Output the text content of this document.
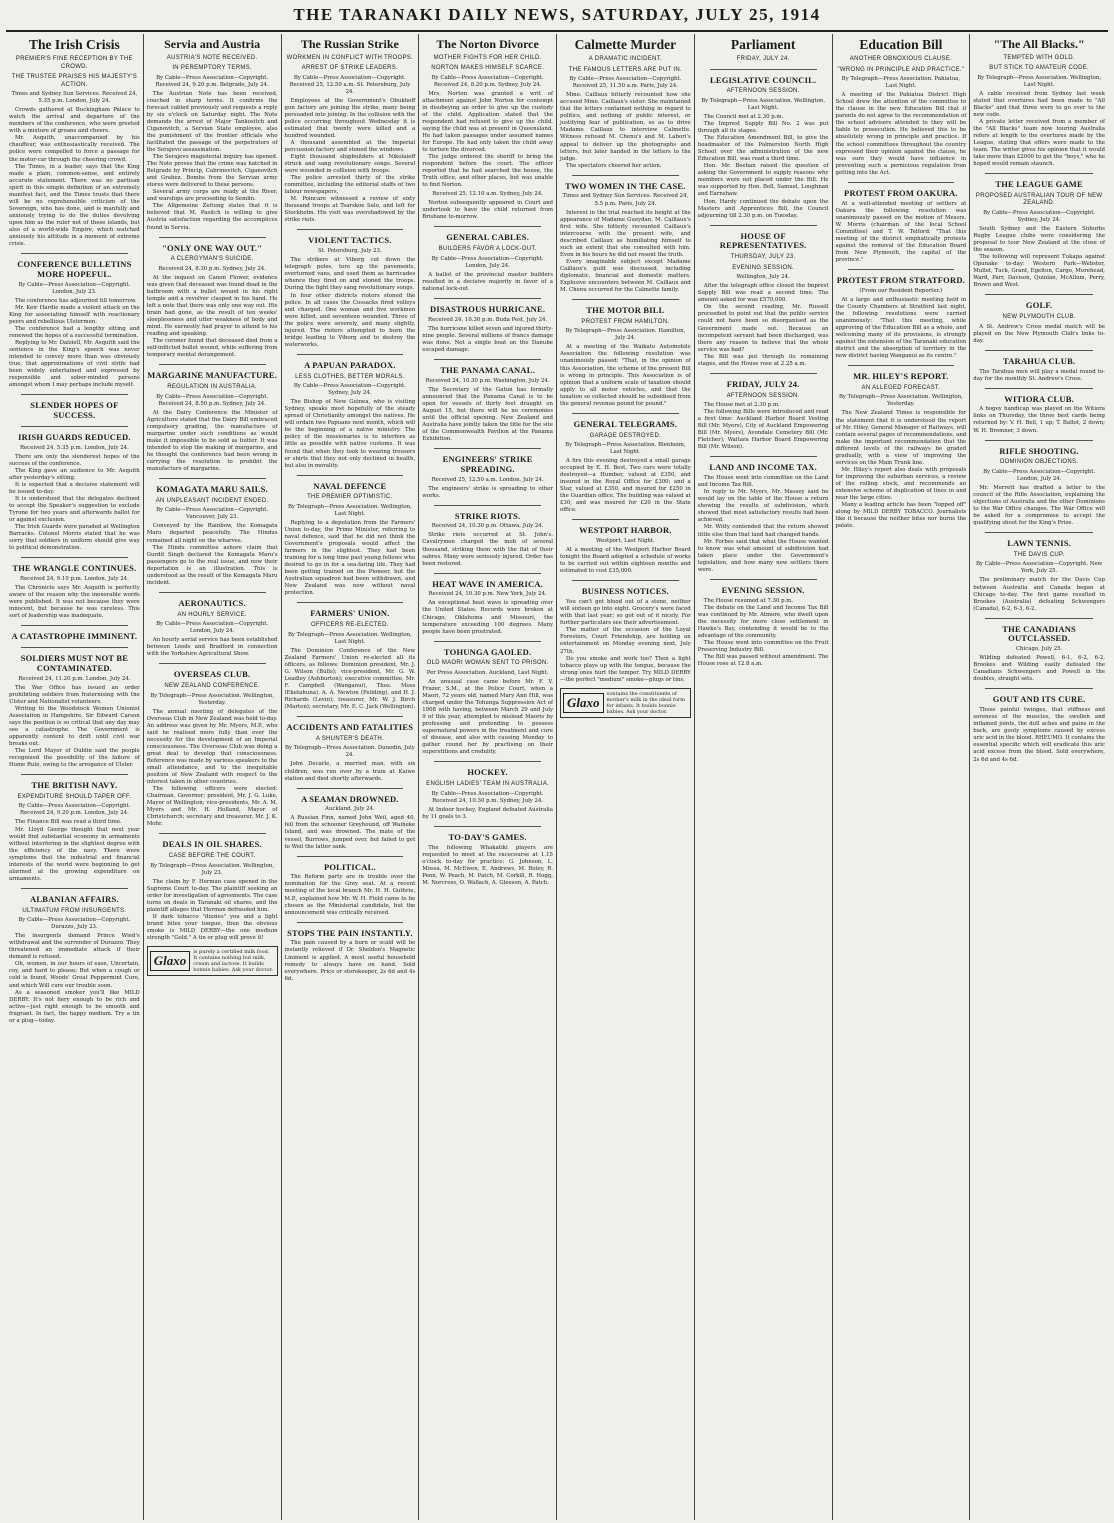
THE TARANAKI DAILY NEWS, SATURDAY, JULY 25, 1914
The Irish Crisis
PREMIER'S FINE RECEPTION BY THE CROWD.
THE TRUSTEE PRAISES HIS MAJESTY'S ACTION.
Times and Sydney Sun Services. Received 24, 5.35 p.m. London, July 24.

Crowds gathered at Buckingham Palace to watch the arrival and departure of the members of the conference, who were greeted with a mixture of groans and cheers.

Mr. Asquith, unaccompanied by his chauffeur, was enthusiastically received. The police were compelled to force a passage for the motor-car through the cheering crowd.

The Times, in a leader, says that the King made a plain, common-sense, and entirely accurate statement. There was no partisan spirit in this simple definition of an extremely manifest fact, and the Times trusts that there will be no reprehensible criticism of the Sovereign, who has done, and is manfully and anxiously trying to do the duties devolving upon him as the ruler not of these islands, but also of a world-wide Empire, which watched anxiously his attitude in a moment of extreme crisis.

CONFERENCE BULLETINS MORE HOPEFUL.
By Cable—Press Association—Copyright. London, July 23.

The conference has adjourned till tomorrow.

Mr. Keir Hardie made a violent attack on the King for associating himself with reactionary peers and rebellious Ulstermen.

The conference had a lengthy sitting and renewed the hopes of a successful termination.

Replying to Mr. Dalziell, Mr. Asquith said the sentence in the King's speech was never intended to convey more than was obviously true, that approximations of civil strife had been widely entertained and expressed by responsible and sober-minded persons amongst whom I may perhaps include myself.

SLENDER HOPES OF SUCCESS.
IRISH GUARDS REDUCED.
Received 24, 5.35 p.m. London, July 24.

There are only the slenderest hopes of the success of the conference.

The King gave an audience to Mr. Asquith after yesterday's sitting.

It is expected that a decisive statement will be issued to-day.

It is understood that the delegates declined to accept the Speaker's suggestion to exclude Tyrone for two years and afterwards ballot for or against exclusion.

The Irish Guards were paraded at Wellington Barracks. Colonel Morris stated that he was sorry that soldiers in uniform should give way to political demonstration.

THE WRANGLE CONTINUES.
Received 24, 9.10 p.m. London, July 24.

The Chronicle says Mr. Asquith is perfectly aware of the reason why the inexorable words were published. It was not because they were innocent, but because he was careless. This sort of leadership was inadequate.

A CATASTROPHE IMMINENT.
SOLDIERS MUST NOT BE CONTAMINATED.
Received 24, 11.20 p.m. London, July 24.

The War Office has issued an order prohibiting soldiers from fraternising with the Ulster and Nationalist volunteers.

Writing to the Woodstock Women Unionist Association in Hampshire, Sir Edward Carson says the position is so critical that any day may see a catastrophe. The Government is apparently content to drift until civil war breaks out.

The Lord Mayor of Dublin said the people recognised the possibility of the failure of Home Rule, owing to the arrogance of Ulster.

THE BRITISH NAVY.
EXPENDITURE SHOULD TAPER OFF.
By Cable—Press Association—Copyright. Received 24, 9.20 p.m. London, July 24.

The Finance Bill was read a third time.

Mr. Lloyd George thought that next year would find substantial economy in armaments without interfering in the slightest degree with the efficiency of the navy. There were symptoms that the industrial and financial interests of the world were beginning to get alarmed at the growing expenditure on armaments.

ALBANIAN AFFAIRS.
ULTIMATUM FROM INSURGENTS.
By Cable—Press Association—Copyright. Durazzo, July 23.

The insurgents demand Prince Wied's withdrawal and the surrender of Durazzo. They threatened an immediate attack if their demand is refused.

Oh, women, in our hours of ease, Uncertain, coy, and hard to please; But when a cough or cold is found, Woods' Great Peppermint Cure, and which Will cure our trouble soon.

As a seasoned smoker you'll like MILD DERBY. It's not fiery enough to be rich and active—just right enough to be smooth and fragrant. In fact, the happy medium. Try a tin or a plug—today.

Servia and Austria
AUSTRIA'S NOTE RECEIVED.
IN PEREMPTORY TERMS.
By Cable—Press Association—Copyright. Received 24, 9.20 p.m. Belgrade, July 24.

The Austrian Note has been received, couched in sharp terms. It confirms the forecast cabled previously and requests a reply by six o'clock on Saturday night. The Note demands the arrest of Major Tankositch and Ciganovitch, a Servian State employee, also the punishment of the frontier officials who facilitated the passage of the perpetrators of the Serajevo assassination.

The Serajevo magisterial inquiry has opened. The Note proves that the crime was hatched in Belgrade by Princip, Cabrinovitch, Ciganovitch and Grabez. Bombs from the Servian army stores were delivered to these persons.

Several army corps are ready at the River, and warships are proceeding to Semlin.

The Allgemeine Zeitung states that it is believed that M. Pasitch is willing to give Austria satisfaction regarding the accomplices found in Servia.

"ONLY ONE WAY OUT."
A CLERGYMAN'S SUICIDE.
Received 24, 8.30 p.m. Sydney, July 24.

At the inquest on Canon Flower, evidence was given that deceased was found dead in the bathroom with a bullet wound in his right temple and a revolver clasped in his hand. He left a note that there was only one way out. His brain had gone, as the result of ten weeks' sleeplessness and utter weakness of body and mind. He earnestly had prayer to attend to his reading and speaking.

The coroner found that deceased died from a self-inflicted bullet wound, while suffering from temporary mental derangement.

MARGARINE MANUFACTURE.
REGULATION IN AUSTRALIA.
By Cable—Press Association—Copyright. Received 24, 8.50 p.m. Sydney, July 24.

At the Dairy Conference the Minister of Agriculture stated that the Dairy Bill embraced compulsory grading, the manufacture of margarine under such conditions as would make it impossible to be sold as butter. It was intended to stop the making of margarine, and he thought the conference had been wrong in carrying the resolution to prohibit the manufacture of margarine.

KOMAGATA MARU SAILS.
AN UNPLEASANT INCIDENT ENDED.
By Cable—Press Association—Copyright. Vancouver, July 23.

Conveyed by the Rainbow, the Komagata Maru departed peacefully. The Hindus remained all night on the wharves.

The Hindu committee ashore claim that Gurdit Singh declared the Komagata Maru's passengers go to the real issue, and now their deportation is an illustration. This is understood as the result of the Komagata Maru incident.

AERONAUTICS.
AN HOURLY SERVICE.
By Cable—Press Association—Copyright. London, July 24.

An hourly aerial service has been established between Leeds and Bradford in connection with the Yorkshire Agricultural Show.

OVERSEAS CLUB.
NEW ZEALAND CONFERENCE.
By Telegraph—Press Association. Wellington, Yesterday.

The annual meeting of delegates of the Overseas Club in New Zealand was held to-day. An address was given by Mr. Myers, M.P., who said he realised more fully than ever the necessity for the development of an Imperial consciousness. The Overseas Club was doing a great deal to develop that consciousness. Reference was made by various speakers to the small attendance, and to the inequitable position of New Zealand with respect to the interest taken in other countries.

The following officers were elected: Chairman, Governor; president, Mr. J. G. Luke, Mayor of Wellington; vice-presidents, Mr. A. M. Myers and Mr. H. Holland, Mayor of Christchurch; secretary and treasurer, Mr. J. K. Mohr.

DEALS IN OIL SHARES.
CASE BEFORE THE COURT.
By Telegraph—Press Association. Wellington, July 23.

The claim by F. Herman case opened in the Supreme Court to-day. The plaintiff seeking an order for investigation of agreements. The case turns on deals in Taranaki oil shares, and the plaintiff alleges that Herman defrauded him.

If dark tobacco "dizzies" you and a light brand bites your tongue, then the obvious smoke is MILD DERBY—the one medium strength "Gold." A tin or plug will prove it!

Glaxo
is purely a certified milk food. It contains nothing but milk, cream and lactose. It builds bonnie babies. Ask your doctor.
The Russian Strike
WORKMEN IN CONFLICT WITH TROOPS.
ARREST OF STRIKE LEADERS.
By Cable—Press Association—Copyright. Received 25, 12.50 a.m. St. Petersburg, July 24.

Employees at the Government's Obukhoff gun factory are joining the strike, many being persuaded into joining. In the collision with the police occurring throughout Wednesday it is estimated that twenty were killed and a hundred wounded.

A thousand assembled at the Imperial percussion factory and stoned the windows.

Eight thousand shipbuilders at Nikolaieff struck and sang revolutionary songs. Several were wounded in collision with troops.

The police arrested thirty of the strike committee, including the editorial staffs of two labour newspapers.

M. Poincare witnessed a review of sixty thousand troops at Tsarskoe Selo, and left for Stockholm. His visit was overshadowed by the strike riots.

VIOLENT TACTICS.
St. Petersburg, July 23.

The strikers at Viborg cut down the telegraph poles, tore up the pavements, overturned vans, and used them as barricades whence they fired on and stoned the troops. During the fight they sang revolutionary songs.

In four other districts rioters stoned the police. In all cases the Cossacks fired volleys and charged. One woman and five workmen were killed, and seventeen wounded. Three of the police were severely, and many slightly, injured. The rioters attempted to burn the bridge leading to Viborg and to destroy the waterworks.

A PAPUAN PARADOX.
LESS CLOTHES, BETTER MORALS.
By Cable—Press Association—Copyright. Sydney, July 24.

The Bishop of New Guinea, who is visiting Sydney, speaks most hopefully of the steady spread of Christianity amongst the natives. He will ordain two Papuans next month, which will be the beginning of a native ministry. The policy of the missionaries is to interfere as little as possible with native customs. It was found that when they took to wearing trousers or shirts that they not only declined in health, but also in morality.

NAVAL DEFENCE
THE PREMIER OPTIMISTIC.
By Telegraph—Press Association. Wellington, Last Night.

Replying to a deputation from the Farmers' Union to-day, the Prime Minister, referring to naval defence, said that he did not think the Government's proposals would affect the farmers in the slightest. They had been training for a long time past young fellows who desired to go in for a sea-faring life. They had been getting trained on the Pioneer, but the Australian squadron had been withdrawn, and New Zealand was now without naval protection.

FARMERS' UNION.
OFFICERS RE-ELECTED.
By Telegraph—Press Association. Wellington, Last Night.

The Dominion Conference of the New Zealand Farmers' Union re-elected all its officers, as follows: Dominion president, Mr. J. G. Wilson (Bulls); vice-president, Mr. G. W. Leadley (Ashburton); executive committee, Mr. F. Campbell (Wanganui), Thos. Moss (Eketahuna), A. A. Newton (Feilding), and H. J. Richards (Levin); treasurer, Mr. W. J. Birch (Marton); secretary, Mr. E. C. Jack (Wellington).

ACCIDENTS AND FATALITIES
A SHUNTER'S DEATH.
By Telegraph—Press Association. Dunedin, July 24.

John Decarle, a married man, with six children, was run over by a train at Kaiwe station and died shortly afterwards.

A SEAMAN DROWNED.
Auckland, July 24.

A Russian Finn, named John Weil, aged 40, fell from the schooner Greyhound, off Waiheke Island, and was drowned. The mate of the vessel, Burrows, jumped over, but failed to get to Weil the latter sank.

POLITICAL.

The Reform party are in trouble over the nomination for the Grey seat. At a recent meeting of the local branch Mr. H. H. Guthrie, M.P., explained how Mr. W. H. Field came to be chosen as the Ministerial candidate, but the announcement was critically received.

STOPS THE PAIN INSTANTLY.

The pain caused by a burn or scald will be instantly relieved if Dr. Sheldon's Magnetic Liniment is applied. A most useful household remedy to always have on hand. Sold everywhere. Price or storekeeper, 2s 6d and 4s 6d.

The Norton Divorce
MOTHER FIGHTS FOR HER CHILD.
NORTON MAKES HIMSELF SCARCE.
By Cable—Press Association—Copyright. Received 24, 8.20 p.m. Sydney, July 24.

Mrs. Norton was granted a writ of attachment against John Norton for contempt in disobeying an order to give up the custody of the child. Application stated that the respondent had refused to give up the child, saying the child was at present in Queensland. He had taken passages under assumed names for Europe. He had only taken the child away to torture the divorced.

The judge ordered the sheriff to bring the respondent before the court. The officer reported that he had searched the house, the Truth office, and other places, but was unable to find Norton.

Received 25, 12.10 a.m. Sydney, July 24.

Norton subsequently appeared in Court and undertook to have the child returned from Brisbane to-morrow.

GENERAL CABLES.
BUILDERS FAVOR A LOCK-OUT.
By Cable—Press Association—Copyright. London, July 24.

A ballot of the provincial master builders resulted in a decisive majority in favor of a national lock-out.

DISASTROUS HURRICANE.
Received 24, 10.30 p.m. Buda Pest, July 24.

The hurricane killed seven and injured thirty-nine people. Several millions of francs damage was done. Not a single boat on the Danube escaped damage.

THE PANAMA CANAL.
Received 24, 10.30 p.m. Washington, July 24.

The Secretary of the Gatun has formally announced that the Panama Canal is to be open for vessels of thirty feet draught on August 15, but there will be no ceremonies until the official opening. New Zealand and Australia have jointly taken the title for the site of the Commonwealth Pavilion at the Panama Exhibition.

ENGINEERS' STRIKE SPREADING.
Received 25, 12.50 a.m. London, July 24.

The engineers' strike is spreading to other works.

STRIKE RIOTS.
Received 24, 10.30 p.m. Ottawa, July 24.

Strike riots occurred at St. John's. Cavalrymen charged the mob of several thousand, striking them with the flat of their sabres. Many were seriously injured. Order has been restored.

HEAT WAVE IN AMERICA.
Received 24, 10.30 p.m. New York, July 24.

An exceptional heat wave is spreading over the United States. Records were broken at Chicago, Oklahoma and Missouri, the temperature exceeding 100 degrees. Many people have been prostrated.

TOHUNGA GAOLED.
OLD MAORI WOMAN SENT TO PRISON.
Per Press Association. Auckland, Last Night.

An unusual case came before Mr. F. V. Frazer, S.M., at the Police Court, when a Maori, 72 years old, named Mary Ann Hill, was charged under the Tohunga Suppression Act of 1908 with having, between March 29 and July 9 of this year, attempted to mislead Maoris by professing and pretending to possess supernatural powers in the treatment and cure of disease, and also with causing Monday to gather round her by practising on their superstitions and credulity.

HOCKEY.
ENGLISH LADIES' TEAM IN AUSTRALIA.
By Cable—Press Association—Copyright. Received 24, 10.30 p.m. Sydney, July 24.

At Indoor hockey, England defeated Australia by 11 goals to 3.

TO-DAY'S GAMES.

The following Whakatiki players are requested to meet at the racecourse at 1.15 o'clock to-day for practice: G. Johnson, L. Mossa, M. McEwen, E. Andrews, M. Roley, R. Penn, W. Peach, M. Patch, M. Corkill, R. Hogg, M. Norcross, O. Wallach, A. Gleeson, A. Patch.

Calmette Murder
A DRAMATIC INCIDENT.
THE FAMOUS LETTERS ARE PUT IN.
By Cable—Press Association—Copyright. Received 25, 11.50 a.m. Paris, July 24.

Mme. Caillaux bitterly recounted how she accused Mme. Caillaux's sister. She maintained that the letters contained nothing in regard to politics, and nothing of public interest, or justifying fear of publication, so as to drive Madame Caillaux to interview Calmette. Witness refused M. Chenu's and M. Labori's appeal to deliver up the photographs and letters, but later handed in the letters to the judge.

The spectators cheered her action.

TWO WOMEN IN THE CASE.
Times and Sydney Sun Services. Received 24, 5.5 p.m. Paris, July 24.

Interest in the trial reached its height at the appearance of Madame Gueydan, M. Caillaux's first wife. She bitterly recounted Caillaux's intercourse with the present wife, and described Caillaux as humiliating himself to such an extent that she consulted with him. Even in his hours he did not resent the truth.

Every imaginable subject except Madame Caillaux's guilt was discussed, including diplomatic, financial and domestic matters. Explosive encounters between M. Caillaux and M. Chenu occurred for the Calmette family.

THE MOTOR BILL
PROTEST FROM HAMILTON.
By Telegraph—Press Association. Hamilton, July 24.

At a meeting of the Waikato Automobile Association the following resolution was unanimously passed: "That, in the opinion of this Association, the scheme of the present Bill is wrong in principle. This Association is of opinion that a uniform scale of taxation should apply to all motor vehicles, and that the taxation so collected should be subsidised from the general revenue pound for pound."

GENERAL TELEGRAMS.
GARAGE DESTROYED.
By Telegraph—Press Association. Blenheim, Last Night.

A fire this evening destroyed a small garage occupied by E. H. Best. Two cars were totally destroyed—a Humber, valued at £350, and insured in the Royal Office for £300; and a Star, valued at £350, and insured for £250 in the Guardian office. The building was valued at £30, and was insured for £20 in the State office.

WESTPORT HARBOR.
Westport, Last Night.

At a meeting of the Westport Harbor Board tonight the Board adopted a schedule of works to be carried out within eighteen months and estimated to cost £35,000.

BUSINESS NOTICES.

You can't get blood out of a stone, neither will sixteen go into eight. Grocery's were faced with that last year; so got out of it nicely. For further particulars see their advertisement.

The matter of the occasion of the Loyal Foresters, Court Friendship, are holding an entertainment on Monday evening next, July 27th.

Do you smoke and work too? Then a light tobacco plays up with the tongue, because the strong ones hurt the temper. Try MILD DERBY—the perfect "medium" smoke—plugs or tins.

Glaxo
contains the constituents of mother's milk in the ideal form for infants. It builds bonnie babies. Ask your doctor.
Parliament
FRIDAY, JULY 24.
LEGISLATIVE COUNCIL.
AFTERNOON SESSION.
By Telegraph—Press Association. Wellington, Last Night.

The Council met at 2.30 p.m.

The Imprest Supply Bill No. 2 was put through all its stages.

The Education Amendment Bill, to give the headmaster of the Palmerston North High School over the administration of the new Education Bill, was read a third time.

Hon. Mr. Beehan raised the question of asking the Government to supply reasons why members were not placed under the Bill. He was supported by Hon. Bell, Samuel, Loughnan and Earnshaw.

Hon. Hardy continued the debate upon the Masters and Apprentices Bill, the Council adjourning till 2.30 p.m. on Tuesday.

HOUSE OF REPRESENTATIVES.
THURSDAY, JULY 23.
EVENING SESSION.
Wellington, July 24.

After the telegraph office closed the Imprest Supply Bill was read a second time. The amount asked for was £570,000.

On the second reading, Mr. Russell proceeded to point out that the public service could not have been so disorganised as the Government made out. Because an incompetent servant had been discharged, was there any reason to believe that the whole service was bad?

The Bill was put through its remaining stages, and the House rose at 2.25 a.m.

FRIDAY, JULY 24.
AFTERNOON SESSION.

The House met at 2.30 p.m.

The following Bills were introduced and read a first time: Auckland Harbor Board Vesting Bill (Mr. Myers), City of Auckland Empowering Bill (Mr. Myers), Avondale Cemetery Bill (Mr. Fletcher), Waitara Harbor Board Empowering Bill (Mr. Wilson).

LAND AND INCOME TAX.

The House went into committee on the Land and Income Tax Bill.

In reply to Mr. Myers, Mr. Massey said he would lay on the table of the House a return showing the results of subdivision, which showed that most satisfactory results had been achieved.

Mr. Witty contended that the return showed little else than that land had changed hands.

Mr. Forbes said that what the House wanted to know was what amount of subdivision had taken place under the Government's legislation, and how many new settlers there were.

EVENING SESSION.

The House resumed at 7.30 p.m.

The debate on the Land and Income Tax Bill was continued by Mr. Atmore, who dwelt upon the necessity for more close settlement in Hawke's Bay, contending it would be to the advantage of the community.

The House went into committee on the Fruit Preserving Industry Bill.

The Bill was passed without amendment. The House rose at 12.8 a.m.

Education Bill
ANOTHER OBNOXIOUS CLAUSE.
"WRONG IN PRINCIPLE AND PRACTICE."
By Telegraph—Press Association. Pahiatua, Last Night.

A meeting of the Pahiatua District High School drew the attention of the committee to the clause in the new Education Bill that if parents do not agree to the recommendation of the school advisers attended to they will be liable to prosecution. He believed this to be absolutely wrong in principle and practice. If the school committees throughout the country expressed their opinion against the clause, he was sure they would have influence in preventing such a pernicious regulation from getting into the Act.

PROTEST FROM OAKURA.

At a well-attended meeting of settlers at Oakura the following resolution was unanimously passed on the motion of Messrs. W. Morris (chairman of the local School Committee) and T. W. Telford: "That this meeting of the district emphatically protests against the removal of the Education Board from New Plymouth, the capital of the province."

PROTEST FROM STRATFORD.
(From our Resident Reporter.)

At a large and enthusiastic meeting held in the County Chambers at Stratford last night, the following resolutions were carried unanimously: "That this meeting, while approving of the Education Bill as a whole, and welcoming many of its provisions, is strongly against the extension of the Taranaki education district and the absorption of territory in the new district having Wanganui as its centre."

MR. HILEY'S REPORT.
AN ALLEGED FORECAST.
By Telegraph—Press Association. Wellington, Yesterday.

The New Zealand Times is responsible for the statement that it is understood the report of Mr. Hiley, General Manager of Railways, will contain several pages of recommendations, and make the important recommendation that the different levels of the railways be graded gradually, with a view of improving the services on the Main Trunk line.

Mr. Hiley's report also deals with proposals for improving the suburban services, a review of the rolling stock, and recommends an extensive scheme of duplication of lines in and near the large cities.

Many a leading article has been "lopped off" along by MILD DERBY TOBACCO. Journalists like it because the neither bites nor burns the palate.

"The All Blacks."
TEMPTED WITH GOLD.
BUT STICK TO AMATEUR CODE.
By Telegraph—Press Association. Wellington, Last Night.

A cable received from Sydney last week stated that overtures had been made to "All Blacks" and that three were to go over to the new code.

A private letter received from a member of the "All Blacks" team now touring Australia refers at length to the overtures made by the League, stating that offers were made to the team. The writer gives his opinion that it would take more than £2000 to get the "boys," who he hoped would remain staunch.

THE LEAGUE GAME
PROPOSED AUSTRALIAN TOUR OF NEW ZEALAND.
By Cable—Press Association—Copyright. Sydney, July 24.

South Sydney and the Eastern Suburbs Rugby League clubs were considering the proposal to tour New Zealand at the close of the season.

The following will represent Tukapa against Opunake to-day: Western Park—Webster, Mullet, Tuck, Grant, Egelton, Cargo, Morehead, Ward, Parr, Davison, Quinlan, McAllum, Perry, Brown and West.

GOLF.
NEW PLYMOUTH CLUB.

A St. Andrew's Cross medal match will be played on the New Plymouth Club's links to-day.

TARAHUA CLUB.

The Tarahua men will play a medal round to-day for the monthly St. Andrew's Cross.

WITIORA CLUB.

A bogey handicap was played on the Witiora links on Thursday, the three best cards being returned by: V. H. Bell, 1 up; T. Ballot, 2 down; W. H. Bremner, 3 down.

RIFLE SHOOTING.
DOMINION OBJECTIONS.
By Cable—Press Association—Copyright. London, July 24.

Mr. Merrett has drafted a letter to the council of the Rifle Association, explaining the objections of Australia and the other Dominions to the War Office changes. The War Office will be asked for a compromise to accept the qualifying shoot for the King's Prize.

LAWN TENNIS.
THE DAVIS CUP.
By Cable—Press Association—Copyright. New York, July 25.

The preliminary match for the Davis Cup between Australia and Canada began at Chicago to-day. The first game resulted in Brookes (Australia) defeating Schwengers (Canada), 6-2, 6-3, 6-2.

THE CANADIANS OUTCLASSED.
Chicago, July 25.

Wilding defeated Powell, 6-1, 6-2, 6-2. Brookes and Wilding easily defeated the Canadians Schwengers and Powell in the doubles, straight sets.

GOUT AND ITS CURE.

Those painful twinges, that stiffness and soreness of the muscles, the swollen and inflamed joints, the dull aches and pains in the back, are gouty symptoms caused by excess uric acid in the blood. RHEUMO. It contains the essential specific which will eradicate this uric acid excess from the blood. Sold everywhere, 2s 6d and 4s 6d.
